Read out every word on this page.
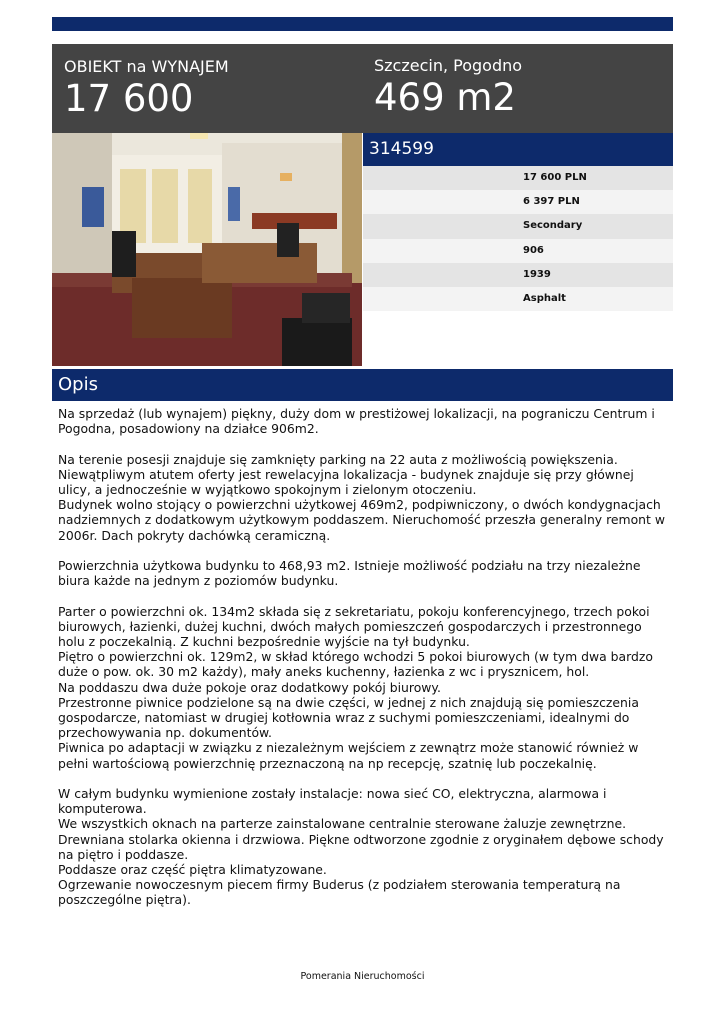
OBIEKT na WYNAJEM
17 600
Szczecin, Pogodno
469 m2
314599
17 600 PLN
6 397 PLN
Secondary
906
1939
Asphalt
Opis

Na sprzedaż (lub wynajem) piękny, duży dom w prestiżowej lokalizacji, na pograniczu Centrum i Pogodna, posadowiony na działce 906m2.

Na terenie posesji znajduje się zamknięty parking na 22 auta z możliwością powiększenia.

Niewątpliwym atutem oferty jest rewelacyjna lokalizacja - budynek znajduje się przy głównej ulicy, a jednocześnie w wyjątkowo spokojnym i zielonym otoczeniu.

Budynek wolno stojący o powierzchni użytkowej 469m2, podpiwniczony, o dwóch kondygnacjach nadziemnych z dodatkowym użytkowym poddaszem. Nieruchomość przeszła generalny remont w 2006r. Dach pokryty dachówką ceramiczną.

Powierzchnia użytkowa budynku to 468,93 m2. Istnieje możliwość podziału na trzy niezależne biura każde na jednym z poziomów budynku.

Parter o powierzchni ok. 134m2 składa się z sekretariatu, pokoju konferencyjnego, trzech pokoi biurowych, łazienki, dużej kuchni, dwóch małych pomieszczeń gospodarczych i przestronnego holu z poczekalnią. Z kuchni bezpośrednie wyjście na tył budynku.

Piętro o powierzchni ok. 129m2, w skład którego wchodzi 5 pokoi biurowych (w tym dwa bardzo duże o pow. ok. 30 m2 każdy), mały aneks kuchenny, łazienka z wc i prysznicem, hol.

Na poddaszu dwa duże pokoje oraz dodatkowy pokój biurowy.

Przestronne piwnice podzielone są na dwie części, w jednej z nich znajdują się pomieszczenia gospodarcze, natomiast w drugiej kotłownia wraz z suchymi pomieszczeniami, idealnymi do przechowywania np. dokumentów.

Piwnica po adaptacji w związku z niezależnym wejściem z zewnątrz może stanowić również w pełni wartościową powierzchnię przeznaczoną na np recepcję, szatnię lub poczekalnię.

W całym budynku wymienione zostały instalacje: nowa sieć CO, elektryczna, alarmowa i komputerowa.

We wszystkich oknach na parterze zainstalowane centralnie sterowane żaluzje zewnętrzne.

Drewniana stolarka okienna i drzwiowa. Piękne odtworzone zgodnie z oryginałem dębowe schody na piętro i poddasze.

Poddasze oraz część piętra klimatyzowane.

Ogrzewanie nowoczesnym piecem firmy Buderus (z podziałem sterowania temperaturą na poszczególne piętra).

Pomerania Nieruchomości
